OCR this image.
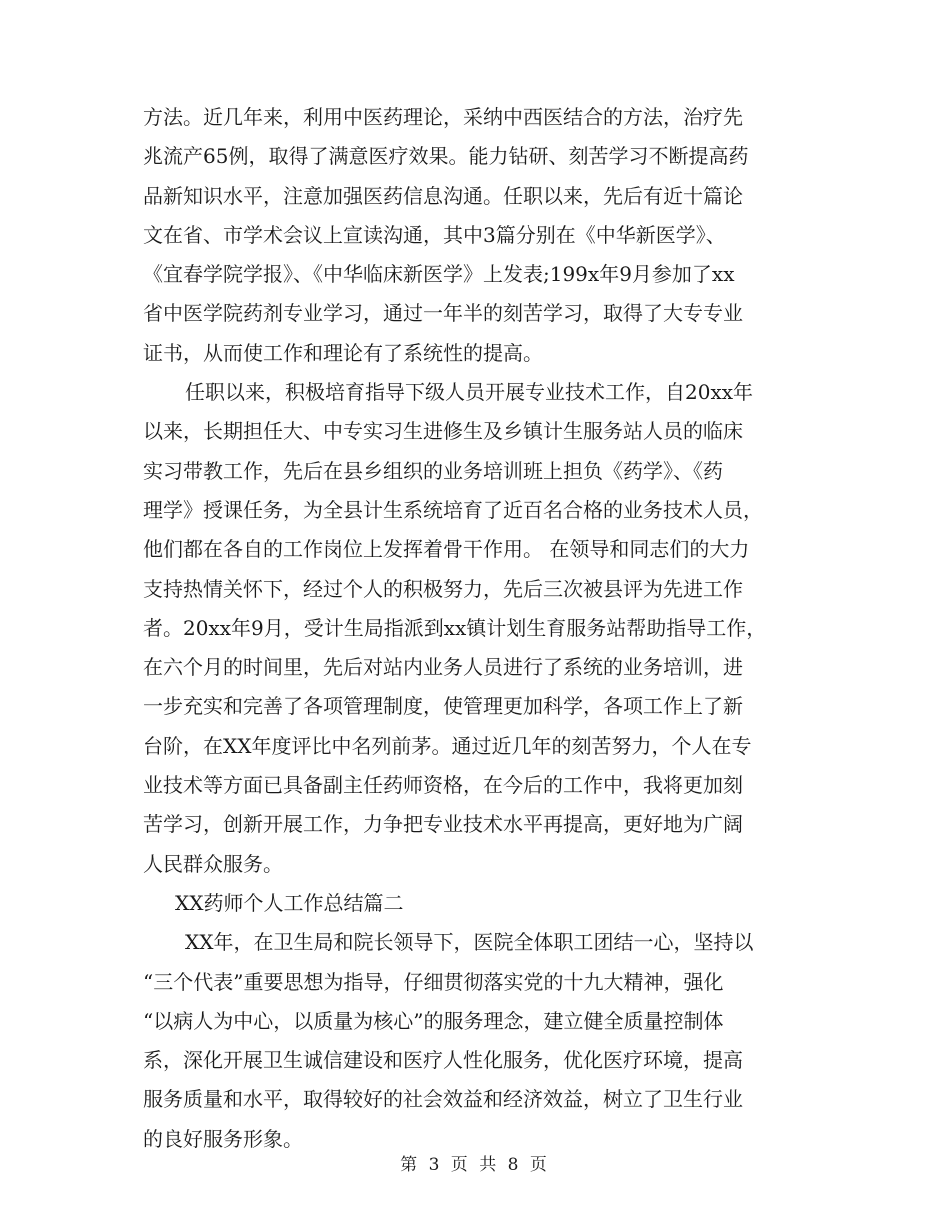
方法。近几年来，利用中医药理论，采纳中西医结合的方法，治疗先
兆流产65例，取得了满意医疗效果。能力钻研、刻苦学习不断提高药
品新知识水平，注意加强医药信息沟通。任职以来，先后有近十篇论
文在省、市学术会议上宣读沟通，其中3篇分别在《中华新医学》、
《宜春学院学报》、《中华临床新医学》上发表;199x年9月参加了xx
省中医学院药剂专业学习，通过一年半的刻苦学习，取得了大专专业
证书，从而使工作和理论有了系统性的提高。
任职以来，积极培育指导下级人员开展专业技术工作，自20xx年
以来，长期担任大、中专实习生进修生及乡镇计生服务站人员的临床
实习带教工作，先后在县乡组织的业务培训班上担负《药学》、《药
理学》授课任务，为全县计生系统培育了近百名合格的业务技术人员，
他们都在各自的工作岗位上发挥着骨干作用。 在领导和同志们的大力
支持热情关怀下，经过个人的积极努力，先后三次被县评为先进工作
者。20xx年9月，受计生局指派到xx镇计划生育服务站帮助指导工作，
在六个月的时间里，先后对站内业务人员进行了系统的业务培训，进
一步充实和完善了各项管理制度，使管理更加科学，各项工作上了新
台阶，在XX年度评比中名列前茅。通过近几年的刻苦努力，个人在专
业技术等方面已具备副主任药师资格，在今后的工作中，我将更加刻
苦学习，创新开展工作，力争把专业技术水平再提高，更好地为广阔
人民群众服务。
XX药师个人工作总结篇二
XX年，在卫生局和院长领导下，医院全体职工团结一心，坚持以
“三个代表”重要思想为指导，仔细贯彻落实党的十九大精神，强化
“以病人为中心，以质量为核心”的服务理念，建立健全质量控制体
系，深化开展卫生诚信建设和医疗人性化服务，优化医疗环境，提高
服务质量和水平，取得较好的社会效益和经济效益，树立了卫生行业
的良好服务形象。
第 3 页 共 8 页
